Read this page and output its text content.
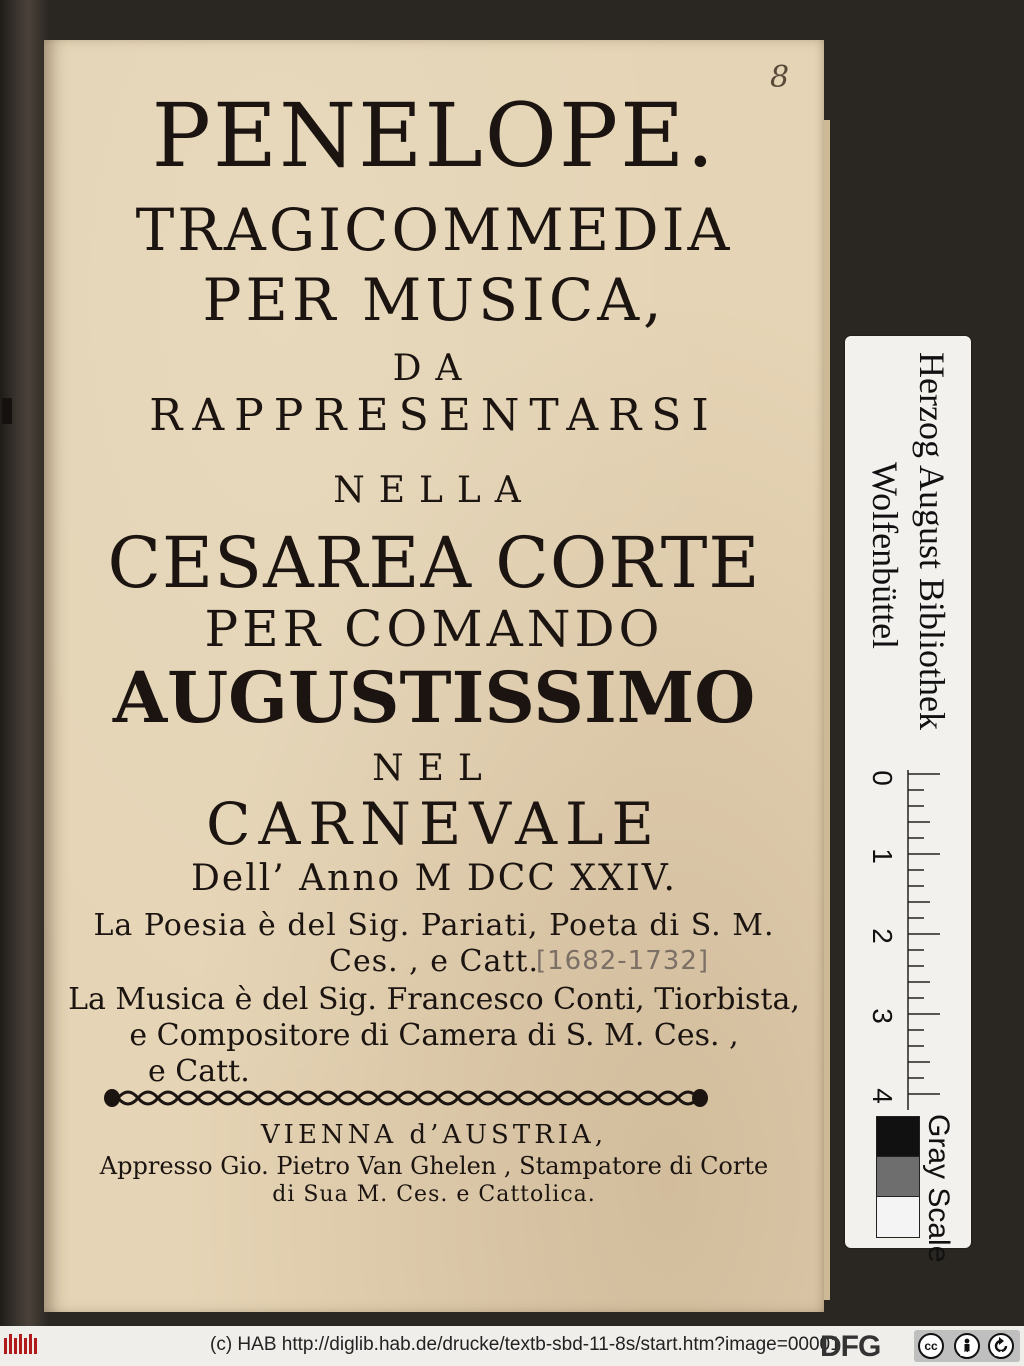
8
PENELOPE.
TRAGICOMMEDIA
PER MUSICA,
DA
RAPPRESENTARSI
NELLA
CESAREA CORTE
PER COMANDO
AUGUSTISSIMO
NEL
CARNEVALE
Dell’ Anno M DCC XXIV.
La Poesia è del Sig. Pariati, Poeta di S. M.
Ces. , e Catt.
[1682-1732]
La Musica è del Sig. Francesco Conti, Tiorbista,
e Compositore di Camera di S. M. Ces. ,
e Catt.
VIENNA d’AUSTRIA,
Appresso Gio. Pietro Van Ghelen , Stampatore di Corte
di Sua M. Ces. e Cattolica.
Herzog August Bibliothek
Wolfenbüttel
0
1
2
3
4
Gray Scale
(c) HAB http://diglib.hab.de/drucke/textb-sbd-11-8s/start.htm?image=00001
DFG	cc
BY	SA
